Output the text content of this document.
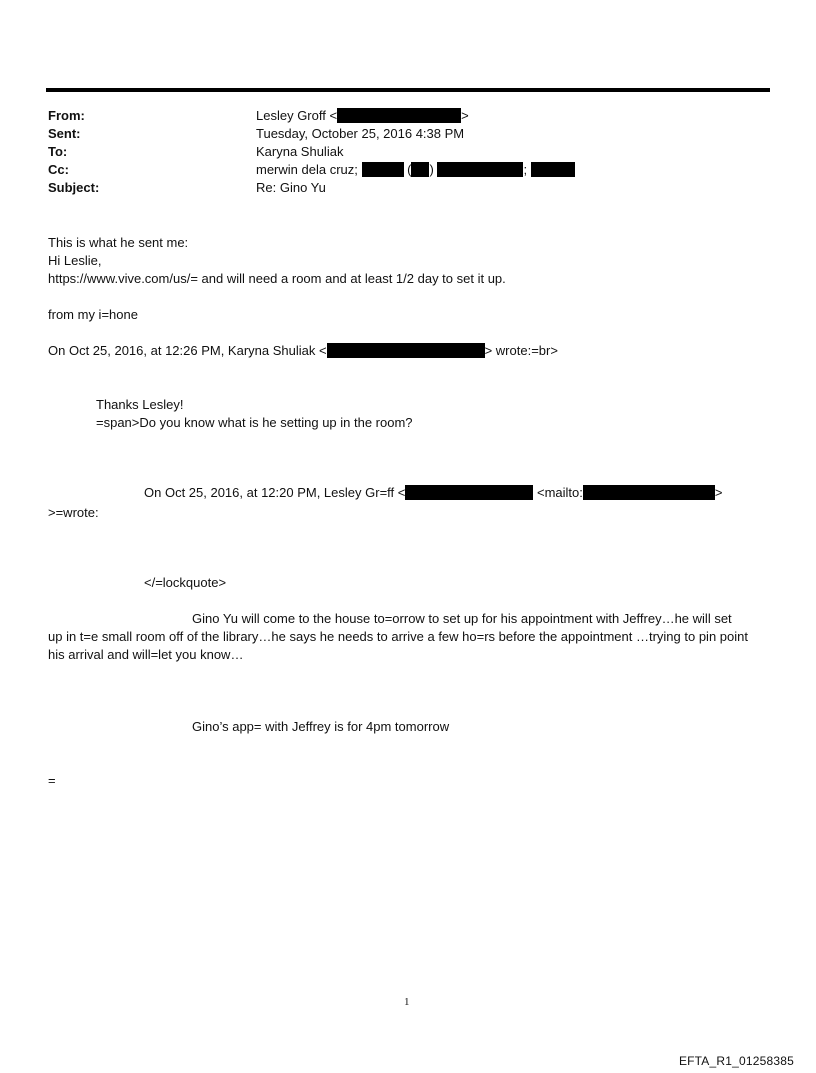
From:	Lesley Groff <	>
Sent:	Tuesday, October 25, 2016 4:38 PM
To:	Karyna Shuliak
Cc:	merwin dela cruz;	( )	;
Subject:	Re: Gino Yu
This is what he sent me:
Hi Leslie,
https://www.vive.com/us/= and will need a room and at least 1/2 day to set it up.
from my i=hone
On Oct 25, 2016, at 12:26 PM, Karyna Shuliak <	> wrote:=br>
Thanks Lesley!
=span>Do you know what is he setting up in the room?
On Oct 25, 2016, at 12:20 PM, Lesley Gr=ff <	<mailto:	>
>=wrote:
</=lockquote>
Gino Yu will come to the house to=orrow to set up for his appointment with Jeffrey…he will set
up in t=e small room off of the library…he says he needs to arrive a few ho=rs before the appointment …trying to pin point his arrival and will=let you know…
Gino’s app= with Jeffrey is for 4pm tomorrow
=
1
EFTA_R1_01258385
